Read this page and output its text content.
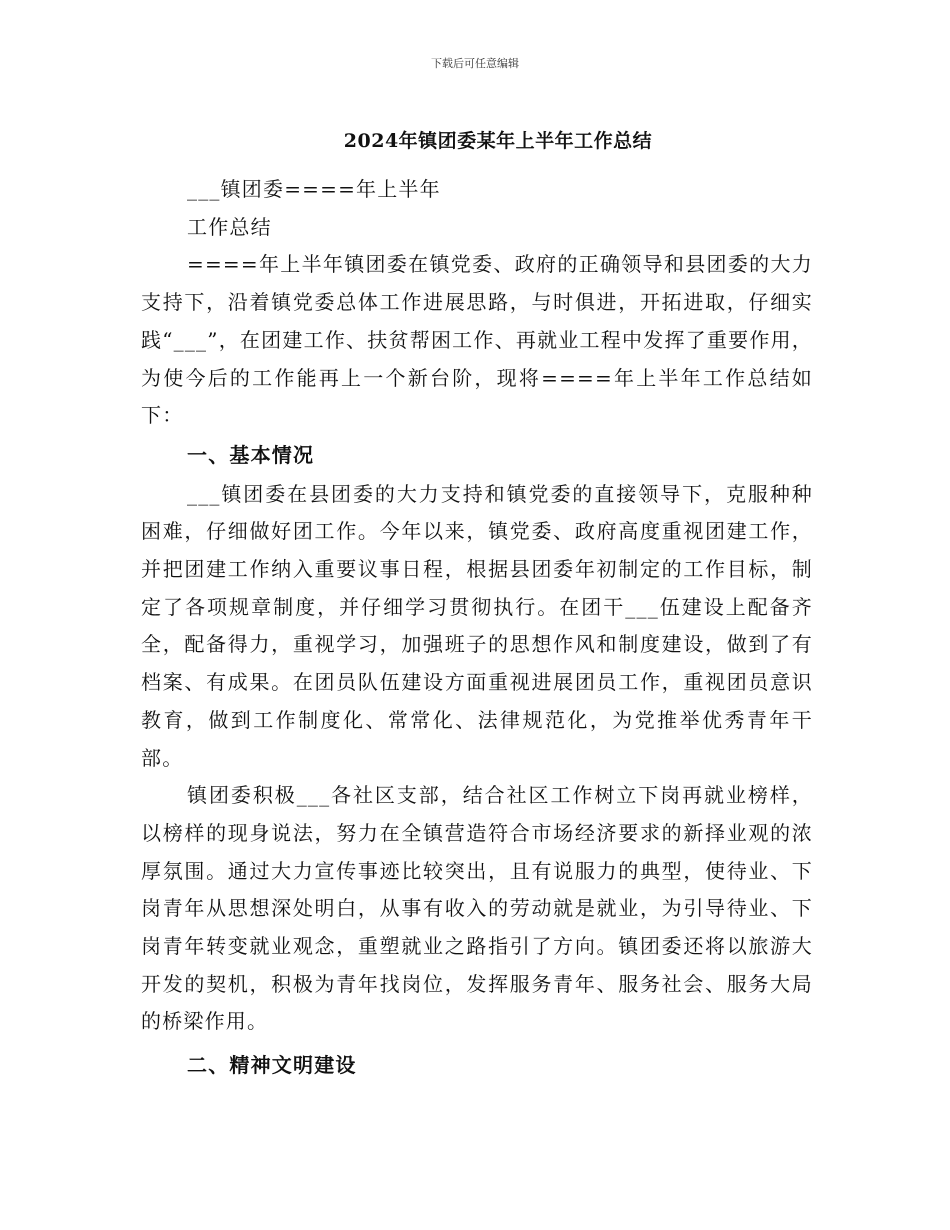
下载后可任意编辑
2024年镇团委某年上半年工作总结

___镇团委====年上半年

工作总结

====年上半年镇团委在镇党委、政府的正确领导和县团委的大力支持下，沿着镇党委总体工作进展思路，与时俱进，开拓进取，仔细实践“___”，在团建工作、扶贫帮困工作、再就业工程中发挥了重要作用，为使今后的工作能再上一个新台阶，现将====年上半年工作总结如下：

一、基本情况

___镇团委在县团委的大力支持和镇党委的直接领导下，克服种种困难，仔细做好团工作。今年以来，镇党委、政府高度重视团建工作，并把团建工作纳入重要议事日程，根据县团委年初制定的工作目标，制定了各项规章制度，并仔细学习贯彻执行。在团干___伍建设上配备齐全，配备得力，重视学习，加强班子的思想作风和制度建设，做到了有档案、有成果。在团员队伍建设方面重视进展团员工作，重视团员意识教育，做到工作制度化、常常化、法律规范化，为党推举优秀青年干部。

镇团委积极___各社区支部，结合社区工作树立下岗再就业榜样，以榜样的现身说法，努力在全镇营造符合市场经济要求的新择业观的浓厚氛围。通过大力宣传事迹比较突出，且有说服力的典型，使待业、下岗青年从思想深处明白，从事有收入的劳动就是就业，为引导待业、下岗青年转变就业观念，重塑就业之路指引了方向。镇团委还将以旅游大开发的契机，积极为青年找岗位，发挥服务青年、服务社会、服务大局的桥梁作用。

二、精神文明建设
